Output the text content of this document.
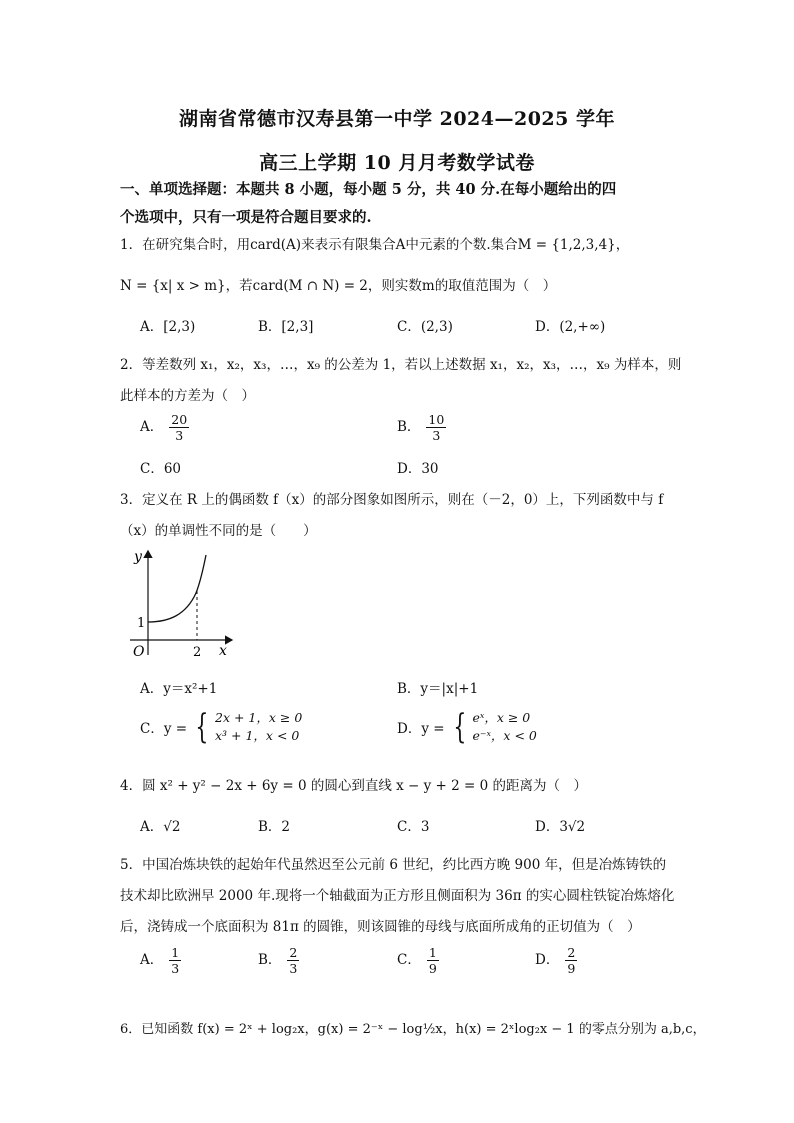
湖南省常德市汉寿县第一中学 2024—2025 学年
高三上学期 10 月月考数学试卷
一、单项选择题：本题共 8 小题，每小题 5 分，共 40 分.在每小题给出的四
个选项中，只有一项是符合题目要求的.
1．在研究集合时，用card(A)来表示有限集合A中元素的个数.集合M = {1,2,3,4}，
N = {x| x > m}，若card(M ∩ N) = 2，则实数m的取值范围为（　）
A．[2,3)	B．[2,3]	C．(2,3)	D．(2,+∞)
2．等差数列 x₁，x₂，x₃，…，x₉ 的公差为 1，若以上述数据 x₁，x₂，x₃，…，x₉ 为样本，则
此样本的方差为（　）
A． $\frac{20}{3}$	B． $\frac{10}{3}$
C．60	D．30
3．定义在 R 上的偶函数 f（x）的部分图象如图所示，则在（－2，0）上，下列函数中与 f
（x）的单调性不同的是（　　）
y
x
O	2
1
A．y＝x²+1	B．y＝|x|+1
C．y = { 2x + 1，x ≥ 0
x³ + 1，x < 0	D．y = { eˣ，x ≥ 0
e⁻ˣ，x < 0
4．圆 x² + y² − 2x + 6y = 0 的圆心到直线 x − y + 2 = 0 的距离为（　）
A．√2	B．2	C．3	D．3√2
5．中国冶炼块铁的起始年代虽然迟至公元前 6 世纪，约比西方晚 900 年，但是冶炼铸铁的
技术却比欧洲早 2000 年.现将一个轴截面为正方形且侧面积为 36π 的实心圆柱铁锭冶炼熔化
后，浇铸成一个底面积为 81π 的圆锥，则该圆锥的母线与底面所成角的正切值为（　）
A． $\frac{1}{3}$	B． $\frac{2}{3}$	C． $\frac{1}{9}$	D． $\frac{2}{9}$
6．已知函数 f(x) = 2ˣ + log₂x，g(x) = 2⁻ˣ − log½x，h(x) = 2ˣlog₂x − 1 的零点分别为 a,b,c，
